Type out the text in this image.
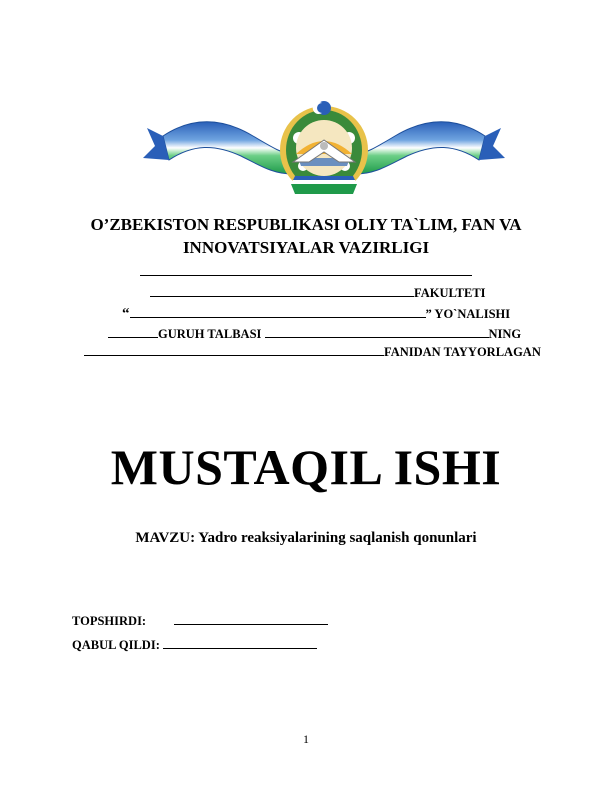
O’ZBEKISTON RESPUBLIKASI OLIY TA`LIM, FAN VA
INNOVATSIYALAR VAZIRLIGI
FAKULTETI
“	” YO`NALISHI
GURUH TALBASI	NING
FANIDAN TAYYORLAGAN
MUSTAQIL ISHI
MAVZU: Yadro reaksiyalarining saqlanish qonunlari
TOPSHIRDI:
QABUL QILDI:
1
